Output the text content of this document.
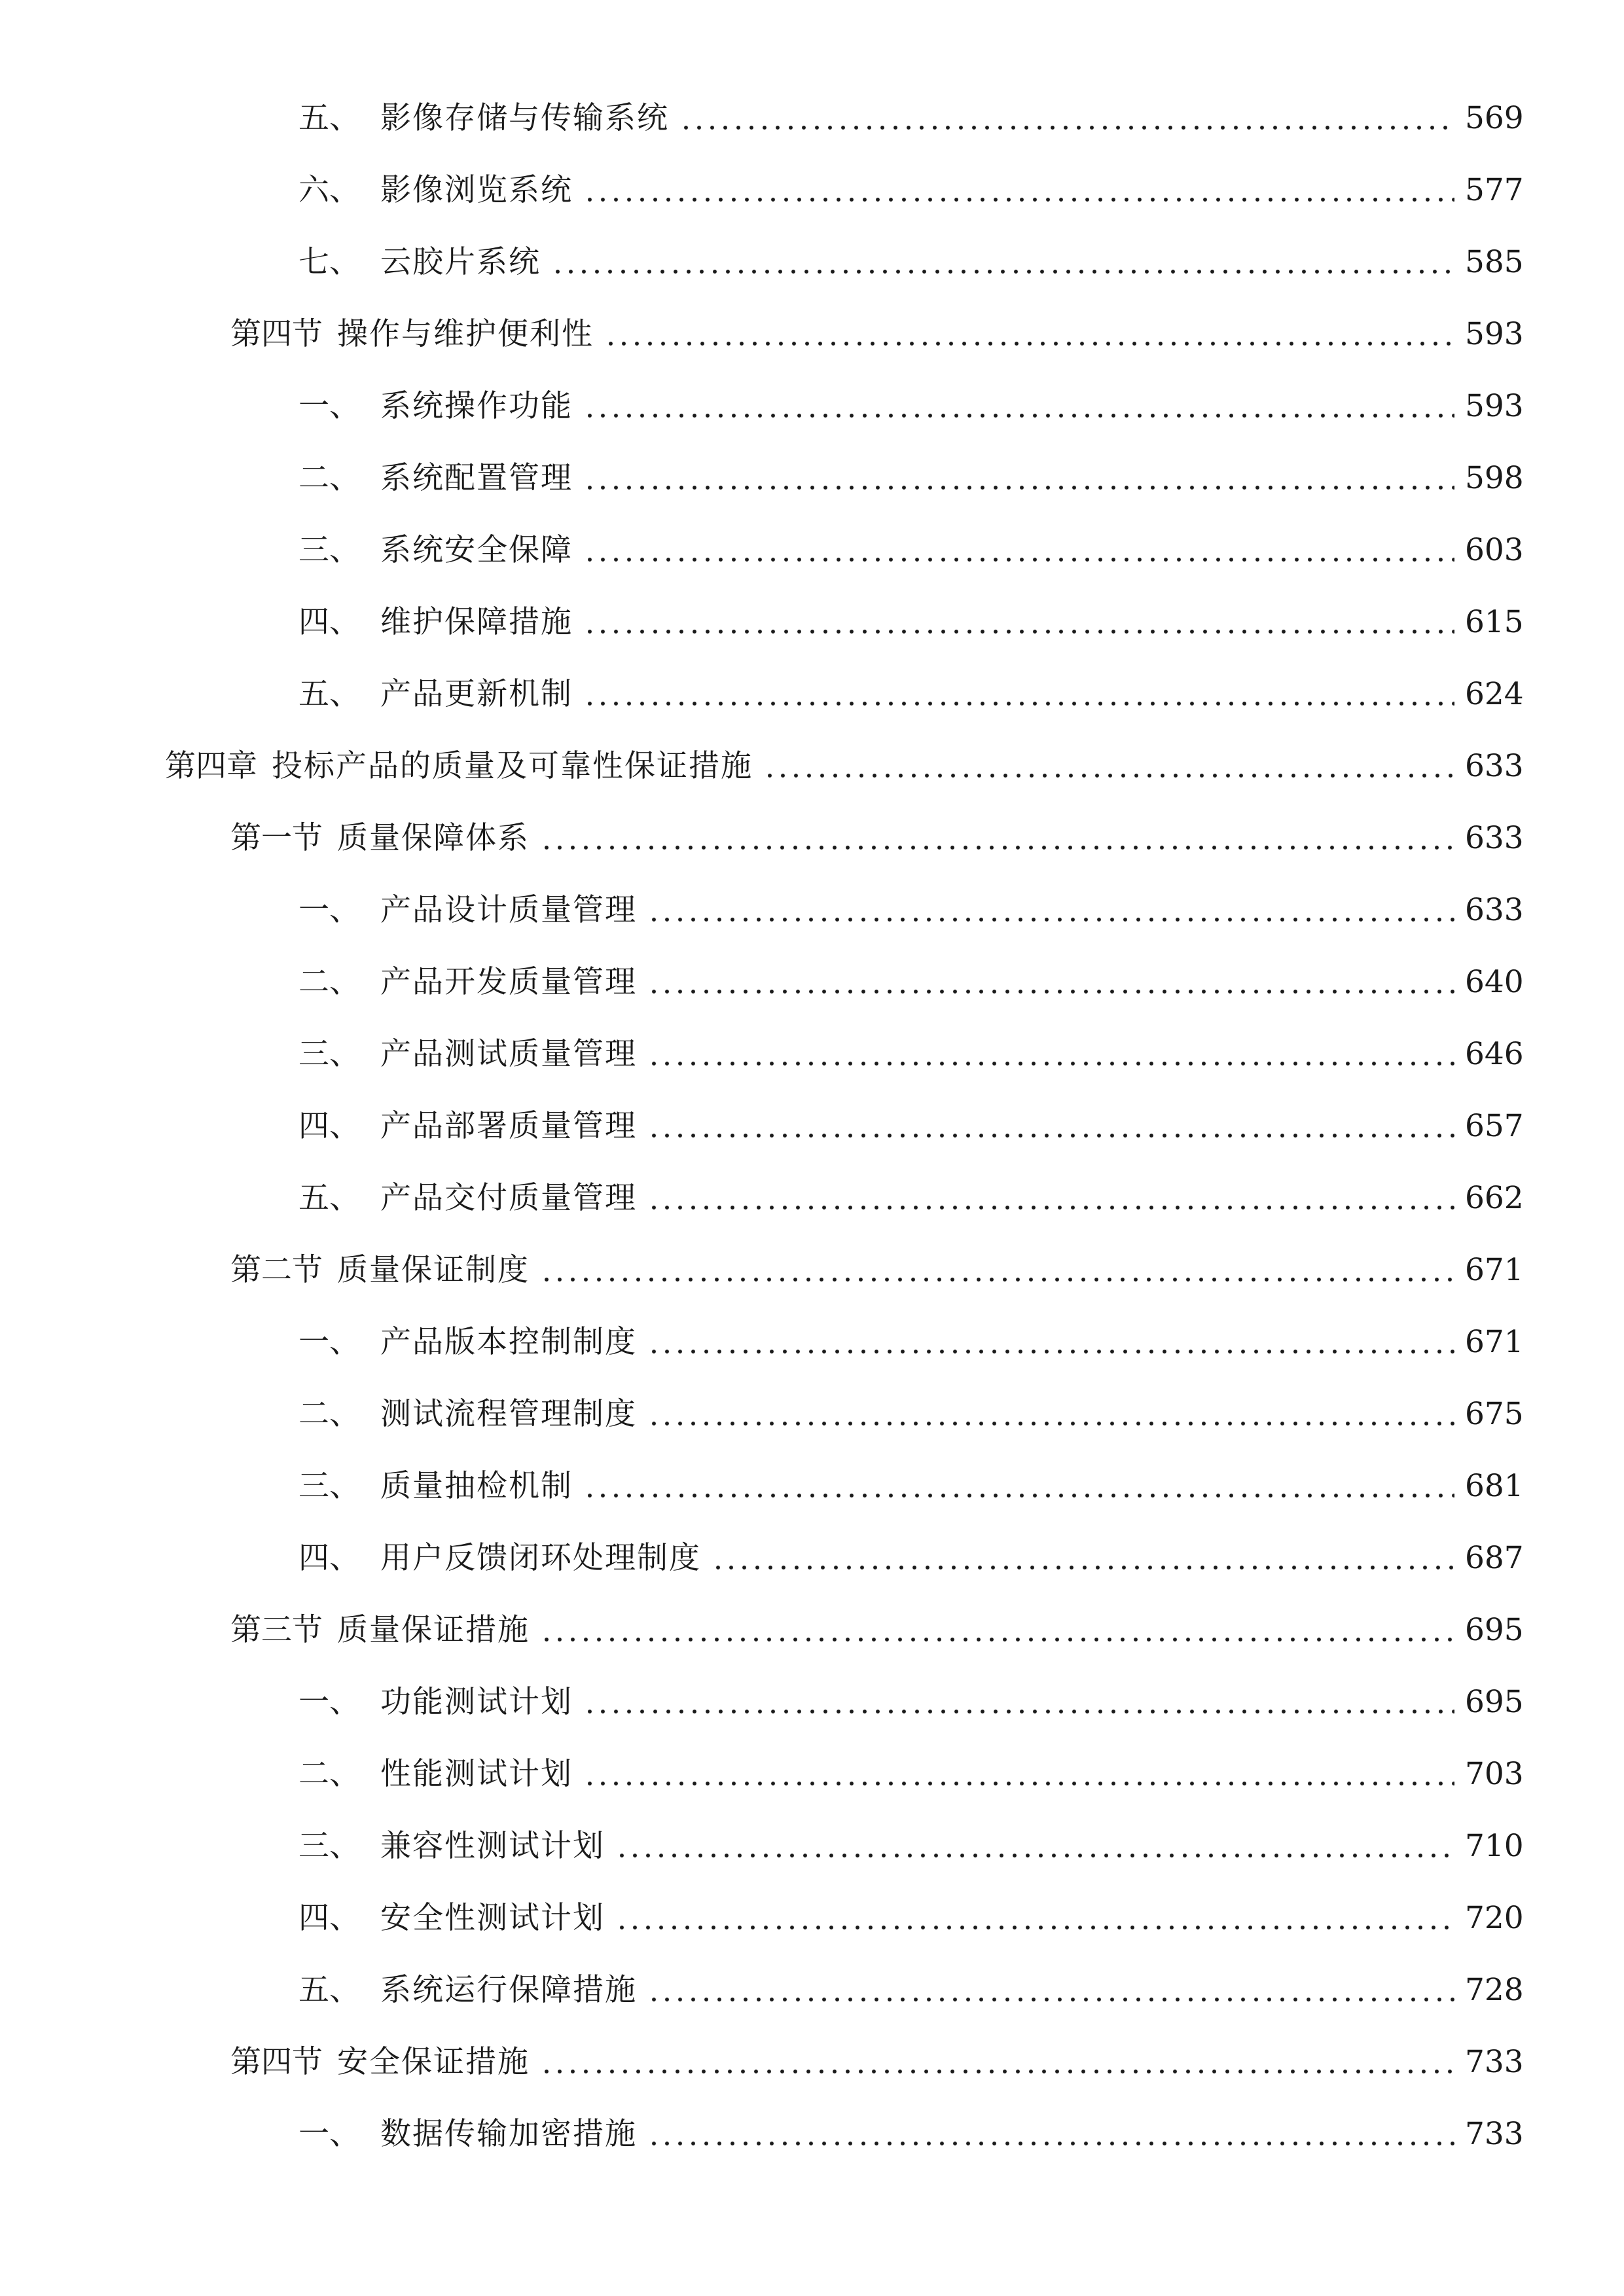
五、 影像存储与传输系统	569
六、 影像浏览系统	577
七、 云胶片系统	585
第四节 操作与维护便利性	593
一、 系统操作功能	593
二、 系统配置管理	598
三、 系统安全保障	603
四、 维护保障措施	615
五、 产品更新机制	624
第四章 投标产品的质量及可靠性保证措施	633
第一节 质量保障体系	633
一、 产品设计质量管理	633
二、 产品开发质量管理	640
三、 产品测试质量管理	646
四、 产品部署质量管理	657
五、 产品交付质量管理	662
第二节 质量保证制度	671
一、 产品版本控制制度	671
二、 测试流程管理制度	675
三、 质量抽检机制	681
四、 用户反馈闭环处理制度	687
第三节 质量保证措施	695
一、 功能测试计划	695
二、 性能测试计划	703
三、 兼容性测试计划	710
四、 安全性测试计划	720
五、 系统运行保障措施	728
第四节 安全保证措施	733
一、 数据传输加密措施	733
